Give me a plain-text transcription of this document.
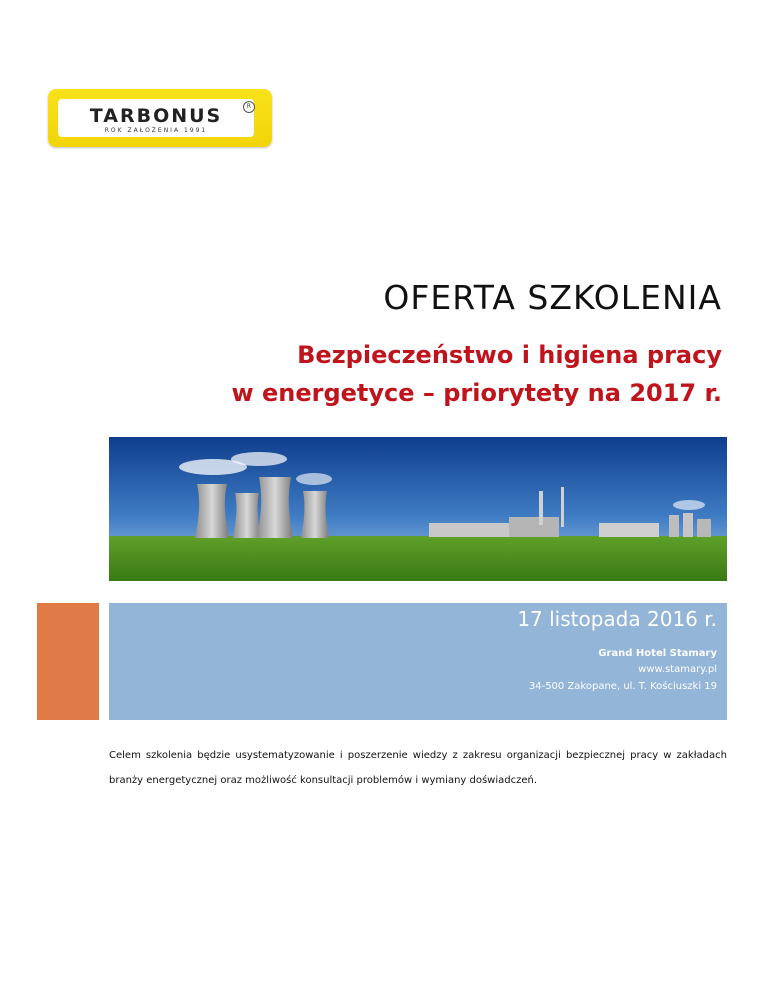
TARBONUS	R
ROK ZAŁOŻENIA 1991
OFERTA SZKOLENIA
Bezpieczeństwo i higiena pracy
w energetyce – priorytety na 2017 r.
17 listopada 2016 r.
Grand Hotel Stamary
www.stamary.pl
34-500 Zakopane, ul. T. Kościuszki 19

Celem szkolenia będzie usystematyzowanie i poszerzenie wiedzy z zakresu organizacji bezpiecznej pracy w zakładach branży energetycznej oraz możliwość konsultacji problemów i wymiany doświadczeń.
